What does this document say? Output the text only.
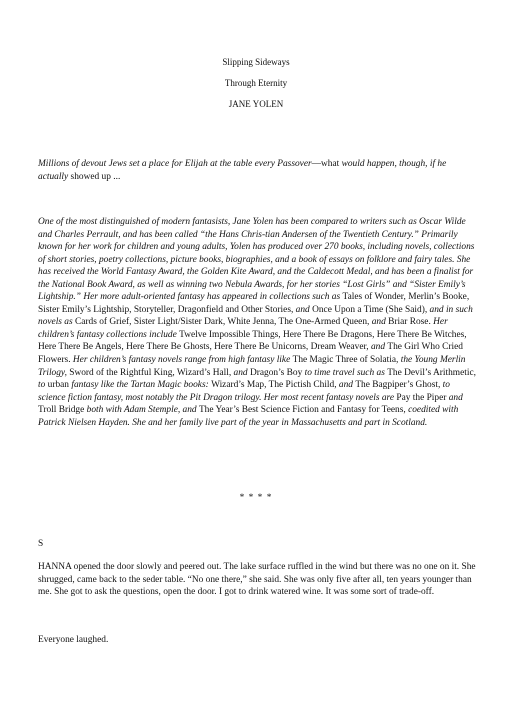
Slipping Sideways
Through Eternity
JANE YOLEN

Millions of devout Jews set a place for Elijah at the table every Passover—what would happen, though, if he actually showed up ...

One of the most distinguished of modern fantasists, Jane Yolen has been compared to writers such as Oscar Wilde and Charles Perrault, and has been called “the Hans Chris-tian Andersen of the Twentieth Century.” Primarily known for her work for children and young adults, Yolen has produced over 270 books, including novels, collections of short stories, poetry collections, picture books, biographies, and a book of essays on folklore and fairy tales. She has received the World Fantasy Award, the Golden Kite Award, and the Caldecott Medal, and has been a finalist for the National Book Award, as well as winning two Nebula Awards, for her stories “Lost Girls” and “Sister Emily’s Lightship.” Her more adult-oriented fantasy has appeared in collections such as Tales of Wonder, Merlin’s Booke, Sister Emily’s Lightship, Storyteller, Dragonfield and Other Stories, and Once Upon a Time (She Said), and in such novels as Cards of Grief, Sister Light/Sister Dark, White Jenna, The One-Armed Queen, and Briar Rose. Her children’s fantasy collections include Twelve Impossible Things, Here There Be Dragons, Here There Be Witches, Here There Be Angels, Here There Be Ghosts, Here There Be Unicorns, Dream Weaver, and The Girl Who Cried Flowers. Her children’s fantasy novels range from high fantasy like The Magic Three of Solatia, the Young Merlin Trilogy, Sword of the Rightful King, Wizard’s Hall, and Dragon’s Boy to time travel such as The Devil’s Arithmetic, to urban fantasy like the Tartan Magic books: Wizard’s Map, The Pictish Child, and The Bagpiper’s Ghost, to science fiction fantasy, most notably the Pit Dragon trilogy. Her most recent fantasy novels are Pay the Piper and Troll Bridge both with Adam Stemple, and The Year’s Best Science Fiction and Fantasy for Teens, coedited with Patrick Nielsen Hayden. She and her family live part of the year in Massachusetts and part in Scotland.

* * * *
S

HANNA opened the door slowly and peered out. The lake surface ruffled in the wind but there was no one on it. She shrugged, came back to the seder table. “No one there,” she said. She was only five after all, ten years younger than me. She got to ask the questions, open the door. I got to drink watered wine. It was some sort of trade-off.

Everyone laughed.
